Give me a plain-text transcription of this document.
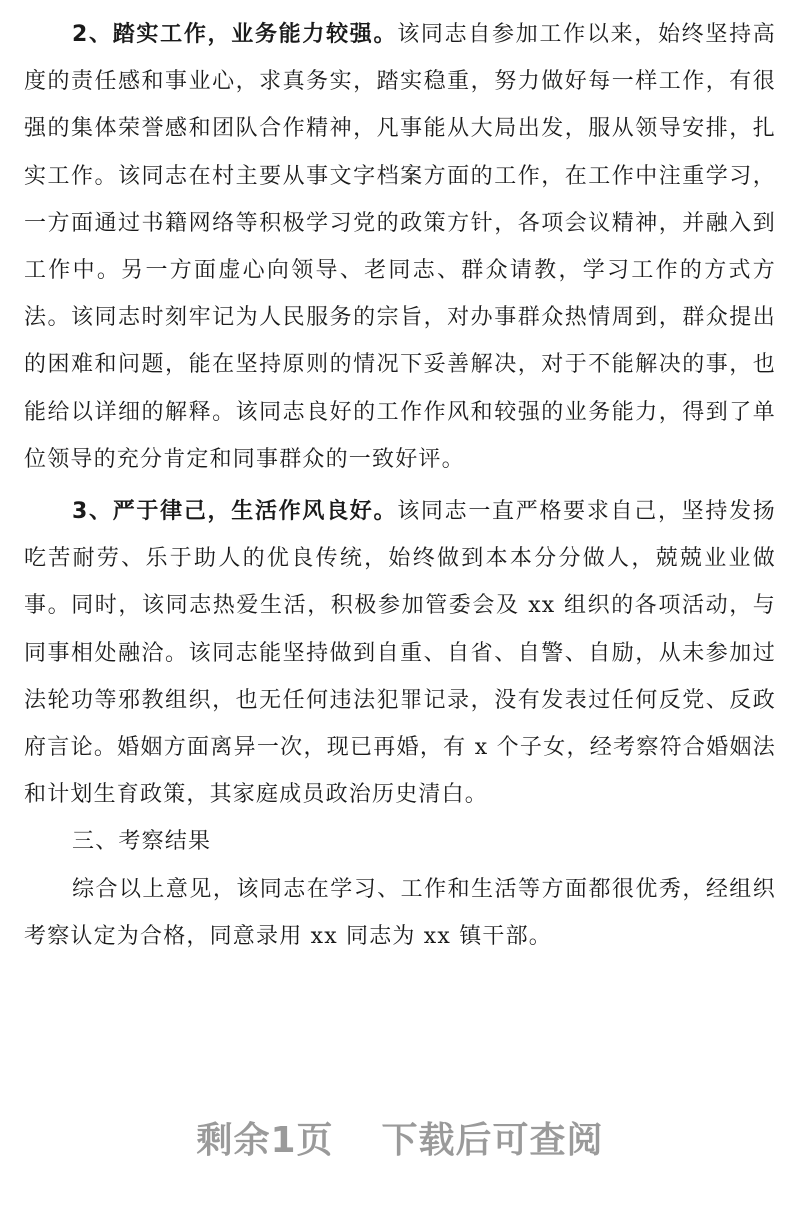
2、踏实工作，业务能力较强。该同志自参加工作以来，始终坚持高度的责任感和事业心，求真务实，踏实稳重，努力做好每一样工作，有很强的集体荣誉感和团队合作精神，凡事能从大局出发，服从领导安排，扎实工作。该同志在村主要从事文字档案方面的工作，在工作中注重学习，一方面通过书籍网络等积极学习党的政策方针，各项会议精神，并融入到工作中。另一方面虚心向领导、老同志、群众请教，学习工作的方式方法。该同志时刻牢记为人民服务的宗旨，对办事群众热情周到，群众提出的困难和问题，能在坚持原则的情况下妥善解决，对于不能解决的事，也能给以详细的解释。该同志良好的工作作风和较强的业务能力，得到了单位领导的充分肯定和同事群众的一致好评。

3、严于律己，生活作风良好。该同志一直严格要求自己，坚持发扬吃苦耐劳、乐于助人的优良传统，始终做到本本分分做人，兢兢业业做事。同时，该同志热爱生活，积极参加管委会及 xx 组织的各项活动，与同事相处融洽。该同志能坚持做到自重、自省、自警、自励，从未参加过法轮功等邪教组织，也无任何违法犯罪记录，没有发表过任何反党、反政府言论。婚姻方面离异一次，现已再婚，有 x 个子女，经考察符合婚姻法和计划生育政策，其家庭成员政治历史清白。

三、考察结果

综合以上意见，该同志在学习、工作和生活等方面都很优秀，经组织考察认定为合格，同意录用 xx 同志为 xx 镇干部。

剩余1页 下载后可查阅
